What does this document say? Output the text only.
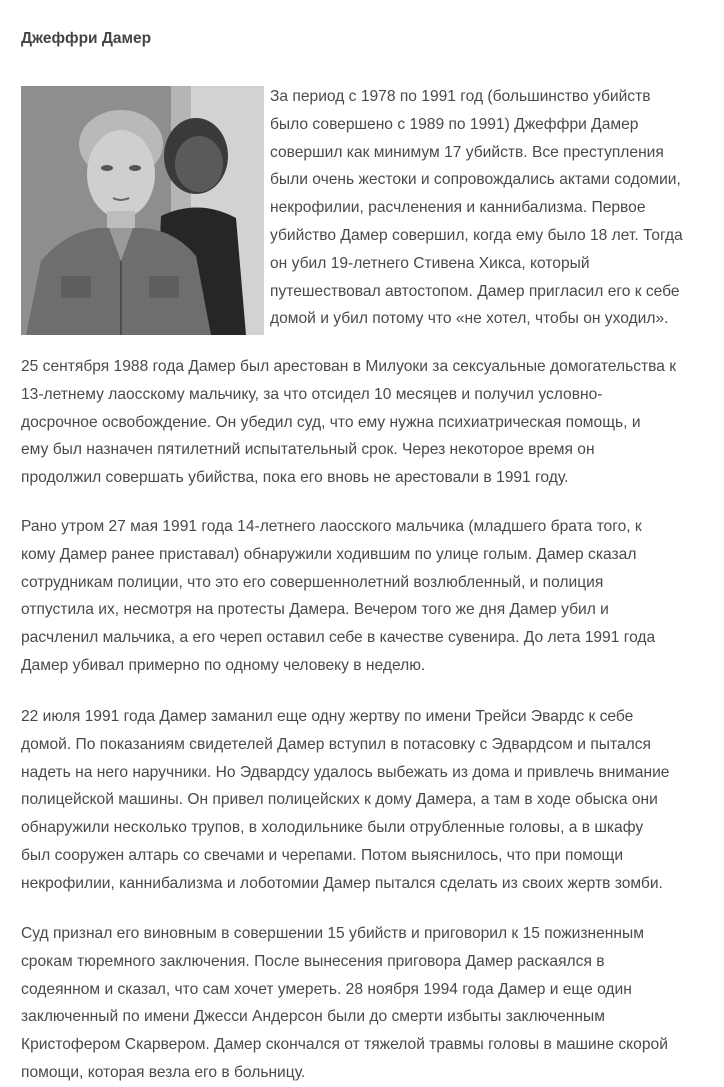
Джеффри Дамер

За период с 1978 по 1991 год (большинство убийств
было совершено с 1989 по 1991) Джеффри Дамер
совершил как минимум 17 убийств. Все преступления
были очень жестоки и сопровождались актами содомии,
некрофилии, расчленения и каннибализма. Первое
убийство Дамер совершил, когда ему было 18 лет. Тогда
он убил 19-летнего Стивена Хикса, который
путешествовал автостопом. Дамер пригласил его к себе
домой и убил потому что «не хотел, чтобы он уходил».

25 сентября 1988 года Дамер был арестован в Милуоки за сексуальные домогательства к
13-летнему лаосскому мальчику, за что отсидел 10 месяцев и получил условно-
досрочное освобождение. Он убедил суд, что ему нужна психиатрическая помощь, и
ему был назначен пятилетний испытательный срок. Через некоторое время он
продолжил совершать убийства, пока его вновь не арестовали в 1991 году.

Рано утром 27 мая 1991 года 14-летнего лаосского мальчика (младшего брата того, к
кому Дамер ранее приставал) обнаружили ходившим по улице голым. Дамер сказал
сотрудникам полиции, что это его совершеннолетний возлюбленный, и полиция
отпустила их, несмотря на протесты Дамера. Вечером того же дня Дамер убил и
расчленил мальчика, а его череп оставил себе в качестве сувенира. До лета 1991 года
Дамер убивал примерно по одному человеку в неделю.

22 июля 1991 года Дамер заманил еще одну жертву по имени Трейси Эвардс к себе
домой. По показаниям свидетелей Дамер вступил в потасовку с Эдвардсом и пытался
надеть на него наручники. Но Эдвардсу удалось выбежать из дома и привлечь внимание
полицейской машины. Он привел полицейских к дому Дамера, а там в ходе обыска они
обнаружили несколько трупов, в холодильнике были отрубленные головы, а в шкафу
был сооружен алтарь со свечами и черепами. Потом выяснилось, что при помощи
некрофилии, каннибализма и лоботомии Дамер пытался сделать из своих жертв зомби.

Суд признал его виновным в совершении 15 убийств и приговорил к 15 пожизненным
срокам тюремного заключения. После вынесения приговора Дамер раскаялся в
содеянном и сказал, что сам хочет умереть. 28 ноября 1994 года Дамер и еще один
заключенный по имени Джесси Андерсон были до смерти избыты заключенным
Кристофером Скарвером. Дамер скончался от тяжелой травмы головы в машине скорой
помощи, которая везла его в больницу.
